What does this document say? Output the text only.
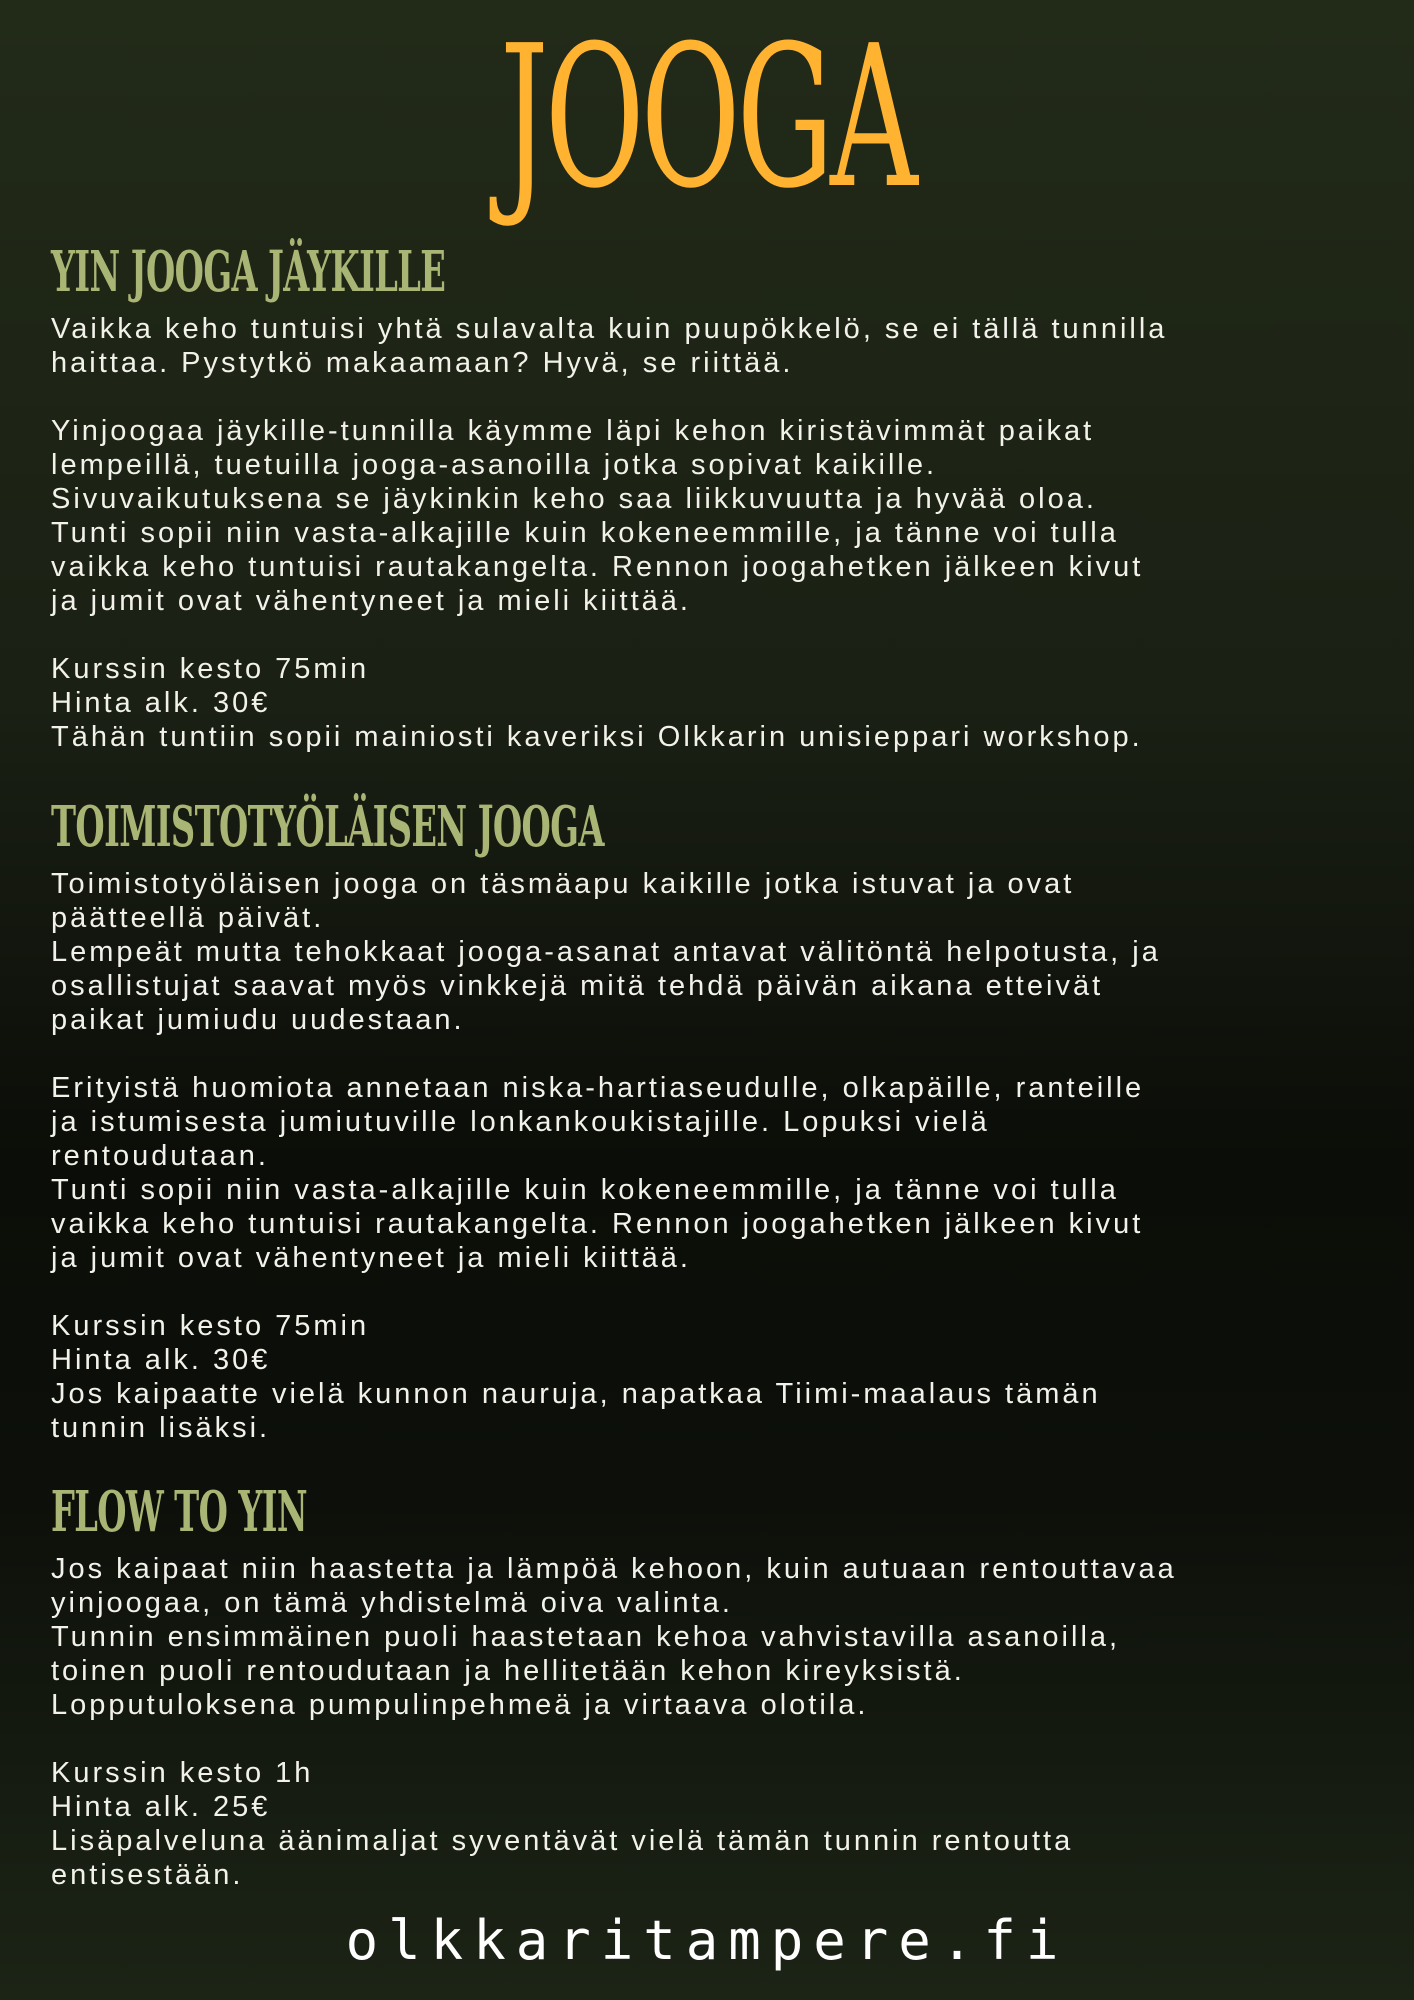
JOOGA
YIN JOOGA JÄYKILLE
Vaikka keho tuntuisi yhtä sulavalta kuin puupökkelö, se ei tällä tunnilla
haittaa. Pystytkö makaamaan? Hyvä, se riittää.
Yinjoogaa jäykille-tunnilla käymme läpi kehon kiristävimmät paikat
lempeillä, tuetuilla jooga-asanoilla jotka sopivat kaikille.
Sivuvaikutuksena se jäykinkin keho saa liikkuvuutta ja hyvää oloa.
Tunti sopii niin vasta-alkajille kuin kokeneemmille, ja tänne voi tulla
vaikka keho tuntuisi rautakangelta. Rennon joogahetken jälkeen kivut
ja jumit ovat vähentyneet ja mieli kiittää.
Kurssin kesto 75min
Hinta alk. 30€
Tähän tuntiin sopii mainiosti kaveriksi Olkkarin unisieppari workshop.
TOIMISTOTYÖLÄISEN JOOGA
Toimistotyöläisen jooga on täsmäapu kaikille jotka istuvat ja ovat
päätteellä päivät.
Lempeät mutta tehokkaat jooga-asanat antavat välitöntä helpotusta, ja
osallistujat saavat myös vinkkejä mitä tehdä päivän aikana etteivät
paikat jumiudu uudestaan.
Erityistä huomiota annetaan niska-hartiaseudulle, olkapäille, ranteille
ja istumisesta jumiutuville lonkankoukistajille. Lopuksi vielä
rentoudutaan.
Tunti sopii niin vasta-alkajille kuin kokeneemmille, ja tänne voi tulla
vaikka keho tuntuisi rautakangelta. Rennon joogahetken jälkeen kivut
ja jumit ovat vähentyneet ja mieli kiittää.
Kurssin kesto 75min
Hinta alk. 30€
Jos kaipaatte vielä kunnon nauruja, napatkaa Tiimi-maalaus tämän
tunnin lisäksi.
FLOW TO YIN
Jos kaipaat niin haastetta ja lämpöä kehoon, kuin autuaan rentouttavaa
yinjoogaa, on tämä yhdistelmä oiva valinta.
Tunnin ensimmäinen puoli haastetaan kehoa vahvistavilla asanoilla,
toinen puoli rentoudutaan ja hellitetään kehon kireyksistä.
Lopputuloksena pumpulinpehmeä ja virtaava olotila.
Kurssin kesto 1h
Hinta alk. 25€
Lisäpalveluna äänimaljat syventävät vielä tämän tunnin rentoutta
entisestään.
olkkaritampere.fi
